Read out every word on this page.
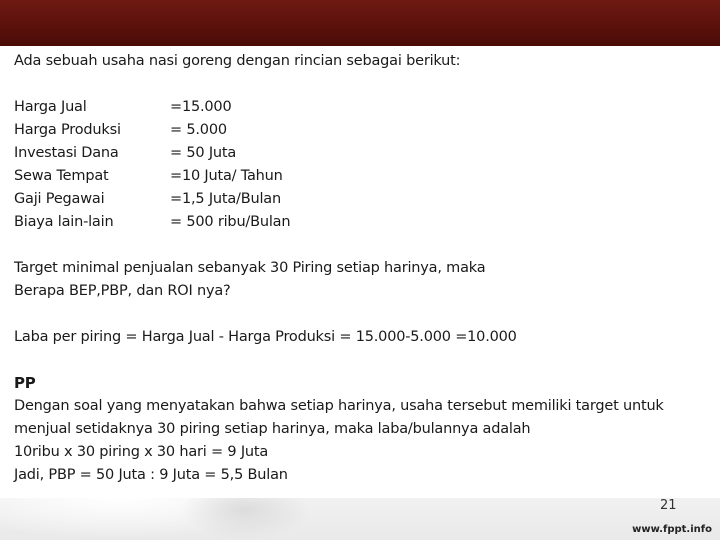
Ada sebuah usaha nasi goreng dengan rincian sebagai berikut:
Harga Jual	=15.000
Harga Produksi	= 5.000
Investasi Dana	= 50 Juta
Sewa Tempat	=10 Juta/ Tahun
Gaji Pegawai	=1,5 Juta/Bulan
Biaya lain-lain	= 500 ribu/Bulan
Target minimal penjualan sebanyak 30 Piring setiap harinya, maka
Berapa BEP,PBP, dan ROI nya?
Laba per piring = Harga Jual - Harga Produksi = 15.000-5.000 =10.000
PP
Dengan soal yang menyatakan bahwa setiap harinya, usaha tersebut memiliki target untuk
menjual setidaknya 30 piring setiap harinya, maka laba/bulannya adalah
10ribu x 30 piring x 30 hari = 9 Juta
Jadi, PBP = 50 Juta : 9 Juta = 5,5 Bulan
21
www.fppt.info
